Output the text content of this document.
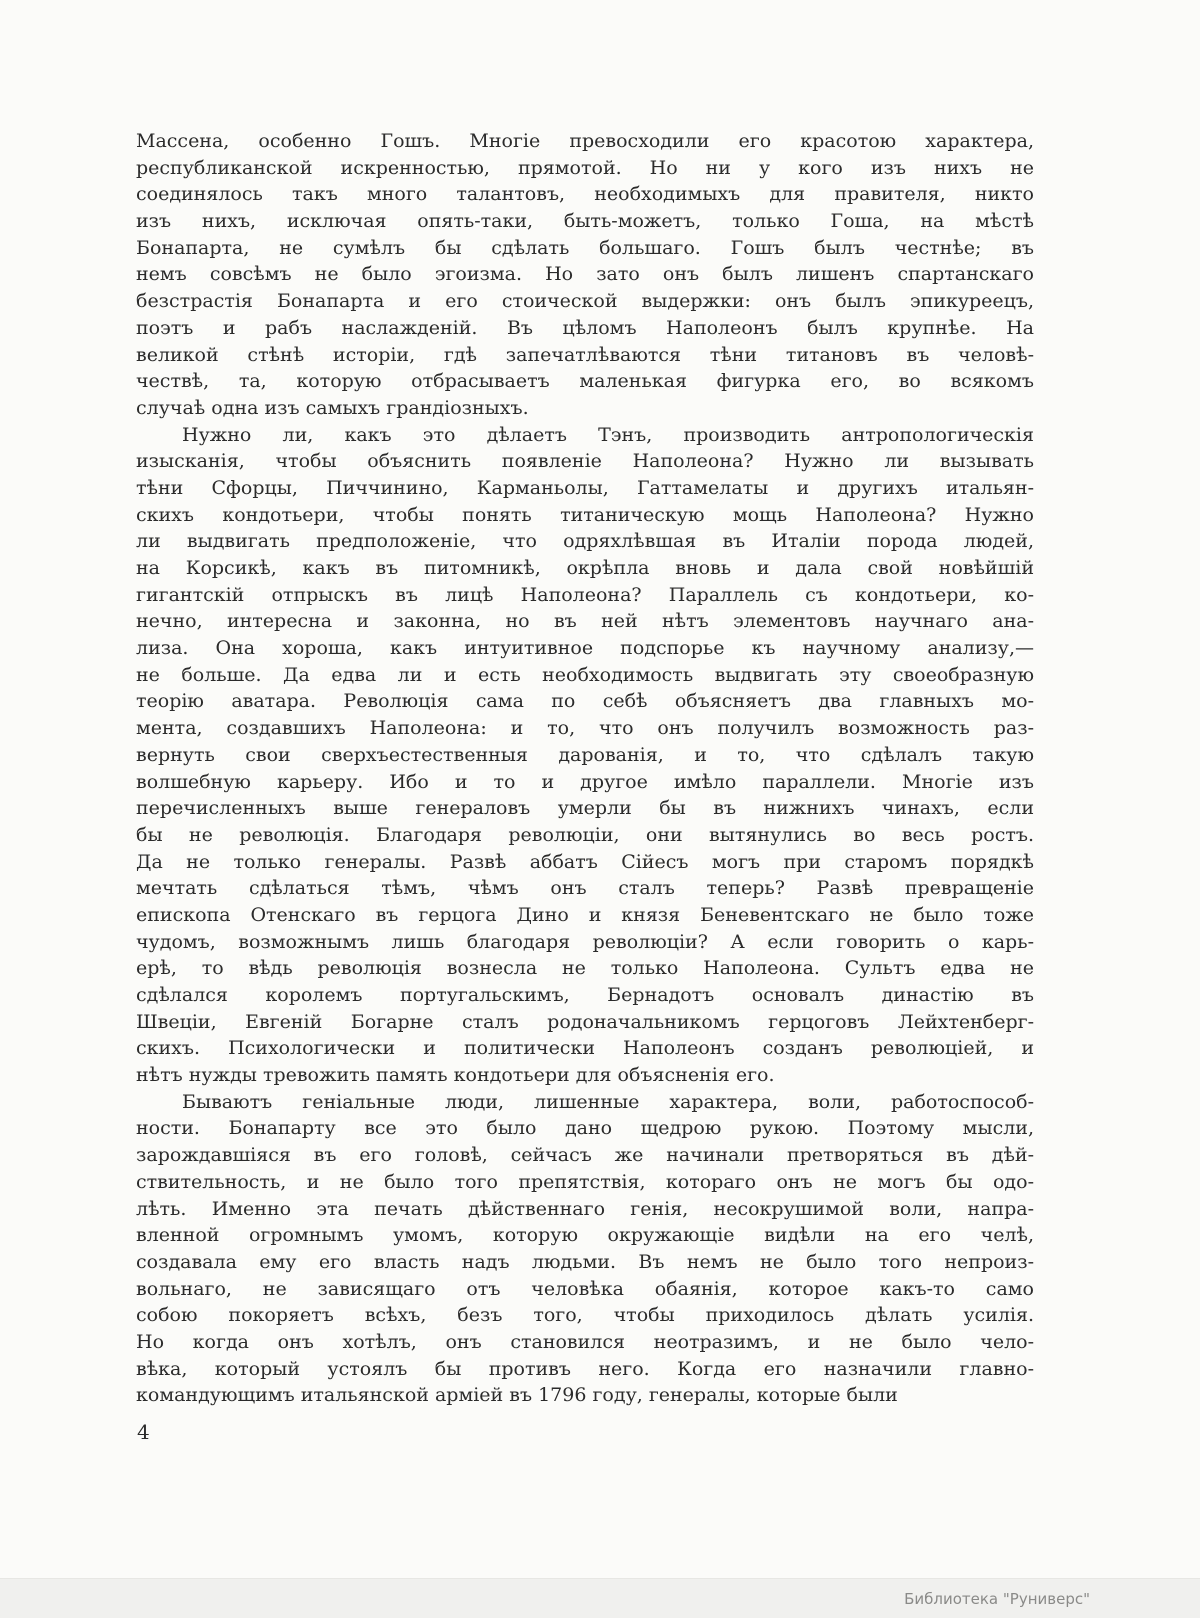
Массена, особенно Гошъ. Многіе превосходили его красотою характера,
республиканской искренностью, прямотой. Но ни у кого изъ нихъ не
соединялось такъ много талантовъ, необходимыхъ для правителя, никто
изъ нихъ, исключая опять-таки, быть-можетъ, только Гоша, на мѣстѣ
Бонапарта, не сумѣлъ бы сдѣлать большаго. Гошъ былъ честнѣе; въ
немъ совсѣмъ не было эгоизма. Но зато онъ былъ лишенъ спартанскаго
безстрастія Бонапарта и его стоической выдержки: онъ былъ эпикуреецъ,
поэтъ и рабъ наслажденій. Въ цѣломъ Наполеонъ былъ крупнѣе. На
великой стѣнѣ исторіи, гдѣ запечатлѣваются тѣни титановъ въ человѣ-
чествѣ, та, которую отбрасываетъ маленькая фигурка его, во всякомъ
случаѣ одна изъ самыхъ грандіозныхъ.
Нужно ли, какъ это дѣлаетъ Тэнъ, производить антропологическія
изысканія, чтобы объяснить появленіе Наполеона? Нужно ли вызывать
тѣни Сфорцы, Пиччинино, Карманьолы, Гаттамелаты и другихъ итальян-
скихъ кондотьери, чтобы понять титаническую мощь Наполеона? Нужно
ли выдвигать предположеніе, что одряхлѣвшая въ Италіи порода людей,
на Корсикѣ, какъ въ питомникѣ, окрѣпла вновь и дала свой новѣйшій
гигантскій отпрыскъ въ лицѣ Наполеона? Параллель съ кондотьери, ко-
нечно, интересна и законна, но въ ней нѣтъ элементовъ научнаго ана-
лиза. Она хороша, какъ интуитивное подспорье къ научному анализу,—
не больше. Да едва ли и есть необходимость выдвигать эту своеобразную
теорію аватара. Революція сама по себѣ объясняетъ два главныхъ мо-
мента, создавшихъ Наполеона: и то, что онъ получилъ возможность раз-
вернуть свои сверхъестественныя дарованія, и то, что сдѣлалъ такую
волшебную карьеру. Ибо и то и другое имѣло параллели. Многіе изъ
перечисленныхъ выше генераловъ умерли бы въ нижнихъ чинахъ, если
бы не революція. Благодаря революціи, они вытянулись во весь ростъ.
Да не только генералы. Развѣ аббатъ Сійесъ могъ при старомъ порядкѣ
мечтать сдѣлаться тѣмъ, чѣмъ онъ сталъ теперь? Развѣ превращеніе
епископа Отенскаго въ герцога Дино и князя Беневентскаго не было тоже
чудомъ, возможнымъ лишь благодаря революціи? А если говорить о карь-
ерѣ, то вѣдь революція вознесла не только Наполеона. Сультъ едва не
сдѣлался королемъ португальскимъ, Бернадотъ основалъ династію въ
Швеціи, Евгеній Богарне сталъ родоначальникомъ герцоговъ Лейхтенберг-
скихъ. Психологически и политически Наполеонъ созданъ революціей, и
нѣтъ нужды тревожить память кондотьери для объясненія его.
Бываютъ геніальные люди, лишенные характера, воли, работоспособ-
ности. Бонапарту все это было дано щедрою рукою. Поэтому мысли,
зарождавшіяся въ его головѣ, сейчасъ же начинали претворяться въ дѣй-
ствительность, и не было того препятствія, котораго онъ не могъ бы одо-
лѣть. Именно эта печать дѣйственнаго генія, несокрушимой воли, напра-
вленной огромнымъ умомъ, которую окружающіе видѣли на его челѣ,
создавала ему его власть надъ людьми. Въ немъ не было того непроиз-
вольнаго, не зависящаго отъ человѣка обаянія, которое какъ-то само
собою покоряетъ всѣхъ, безъ того, чтобы приходилось дѣлать усилія.
Но когда онъ хотѣлъ, онъ становился неотразимъ, и не было чело-
вѣка, который устоялъ бы противъ него. Когда его назначили главно-
командующимъ итальянской арміей въ 1796 году, генералы, которые были
4
Библиотека "Руниверс"
